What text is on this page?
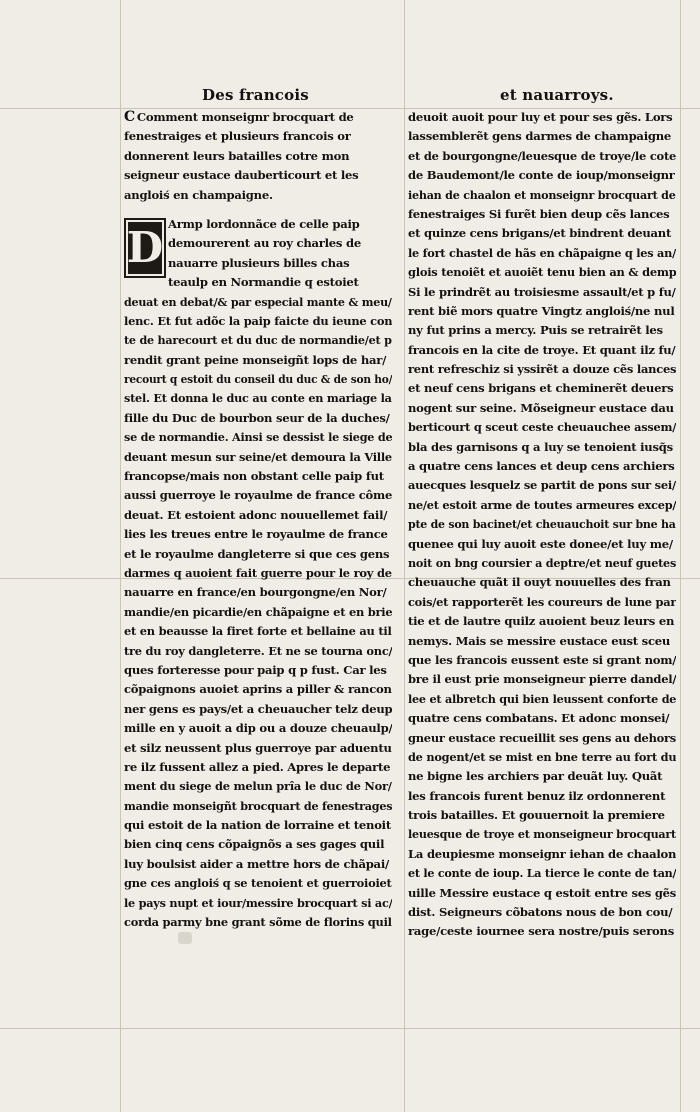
Des francois	et nauarroys.
C Comment monseignr brocquart de
fenestraiges et plusieurs francois or
donnerent leurs batailles cotre mon
seigneur eustace dauberticourt et les
angloiś en champaigne.
D Armp lordonnãce de celle paip
demourerent au roy charles de
nauarre plusieurs billes chas
teaulp en Normandie q estoiet
deuat en debat/& par especial mante & meu/
lenc. Et fut adõc la paip faicte du ieune con
te de harecourt et du duc de normandie/et p
rendit grant peine monseigñt lops de har/
recourt q estoit du conseil du duc & de son ho/
stel. Et donna le duc au conte en mariage la
fille du Duc de bourbon seur de la duches/
se de normandie. Ainsi se dessist le siege de
deuant mesun sur seine/et demoura la Ville
francopse/mais non obstant celle paip fut
aussi guerroye le royaulme de france côme
deuat. Et estoient adonc nouuellemet fail/
lies les treues entre le royaulme de france
et le royaulme dangleterre si que ces gens
darmes q auoient fait guerre pour le roy de
nauarre en france/en bourgongne/en Nor/
mandie/en picardie/en chãpaigne et en brie
et en beausse la firet forte et bellaine au til
tre du roy dangleterre. Et ne se tourna onc/
ques forteresse pour paip q p fust. Car les
cõpaignons auoiet aprins a piller & rancon
ner gens es pays/et a cheuaucher telz deup
mille en y auoit a dip ou a douze cheuaulp/
et silz neussent plus guerroye par aduentu
re ilz fussent allez a pied. Apres le departe
ment du siege de melun prîa le duc de Nor/
mandie monseigñt brocquart de fenestrages
qui estoit de la nation de lorraine et tenoit
bien cinq cens cõpaignõs a ses gages quil
luy boulsist aider a mettre hors de chãpai/
gne ces angloiś q se tenoient et guerroioiet
le pays nupt et iour/messire brocquart si ac/
corda parmy bne grant sõme de florins quil
deuoit auoit pour luy et pour ses gẽs. Lors
lassemblerẽt gens darmes de champaigne
et de bourgongne/leuesque de troye/le cote
de Baudemont/le conte de ioup/monseignr
iehan de chaalon et monseignr brocquart de
fenestraiges Si furẽt bien deup cẽs lances
et quinze cens brigans/et bindrent deuant
le fort chastel de hãs en chãpaigne q les an/
glois tenoiẽt et auoiẽt tenu bien an & demp
Si le prindrẽt au troisiesme assault/et p fu/
rent biẽ mors quatre Vingtz angloiś/ne nul
ny fut prins a mercy. Puis se retrairẽt les
francois en la cite de troye. Et quant ilz fu/
rent refreschiz si yssirẽt a douze cẽs lances
et neuf cens brigans et cheminerẽt deuers
nogent sur seine. Mõseigneur eustace dau
berticourt q sceut ceste cheuauchee assem/
bla des garnisons q a luy se tenoient iusq̃s
a quatre cens lances et deup cens archiers
auecques lesquelz se partit de pons sur sei/
ne/et estoit arme de toutes armeures excep/
pte de son bacinet/et cheuauchoit sur bne ha
quenee qui luy auoit este donee/et luy me/
noit on bng coursier a deptre/et neuf guetes
cheuauche quãt il ouyt nouuelles des fran
cois/et rapporterẽt les coureurs de lune par
tie et de lautre quilz auoient beuz leurs en
nemys. Mais se messire eustace eust sceu
que les francois eussent este si grant nom/
bre il eust prie monseigneur pierre dandel/
lee et albretch qui bien leussent conforte de
quatre cens combatans. Et adonc monsei/
gneur eustace recueillit ses gens au dehors
de nogent/et se mist en bne terre au fort du
ne bigne les archiers par deuãt luy. Quãt
les francois furent benuz ilz ordonnerent
trois batailles. Et gouuernoit la premiere
leuesque de troye et monseigneur brocquart
La deupiesme monseignr iehan de chaalon
et le conte de ioup. La tierce le conte de tan/
uille Messire eustace q estoit entre ses gẽs
dist. Seigneurs cõbatons nous de bon cou/
rage/ceste iournee sera nostre/puis serons
